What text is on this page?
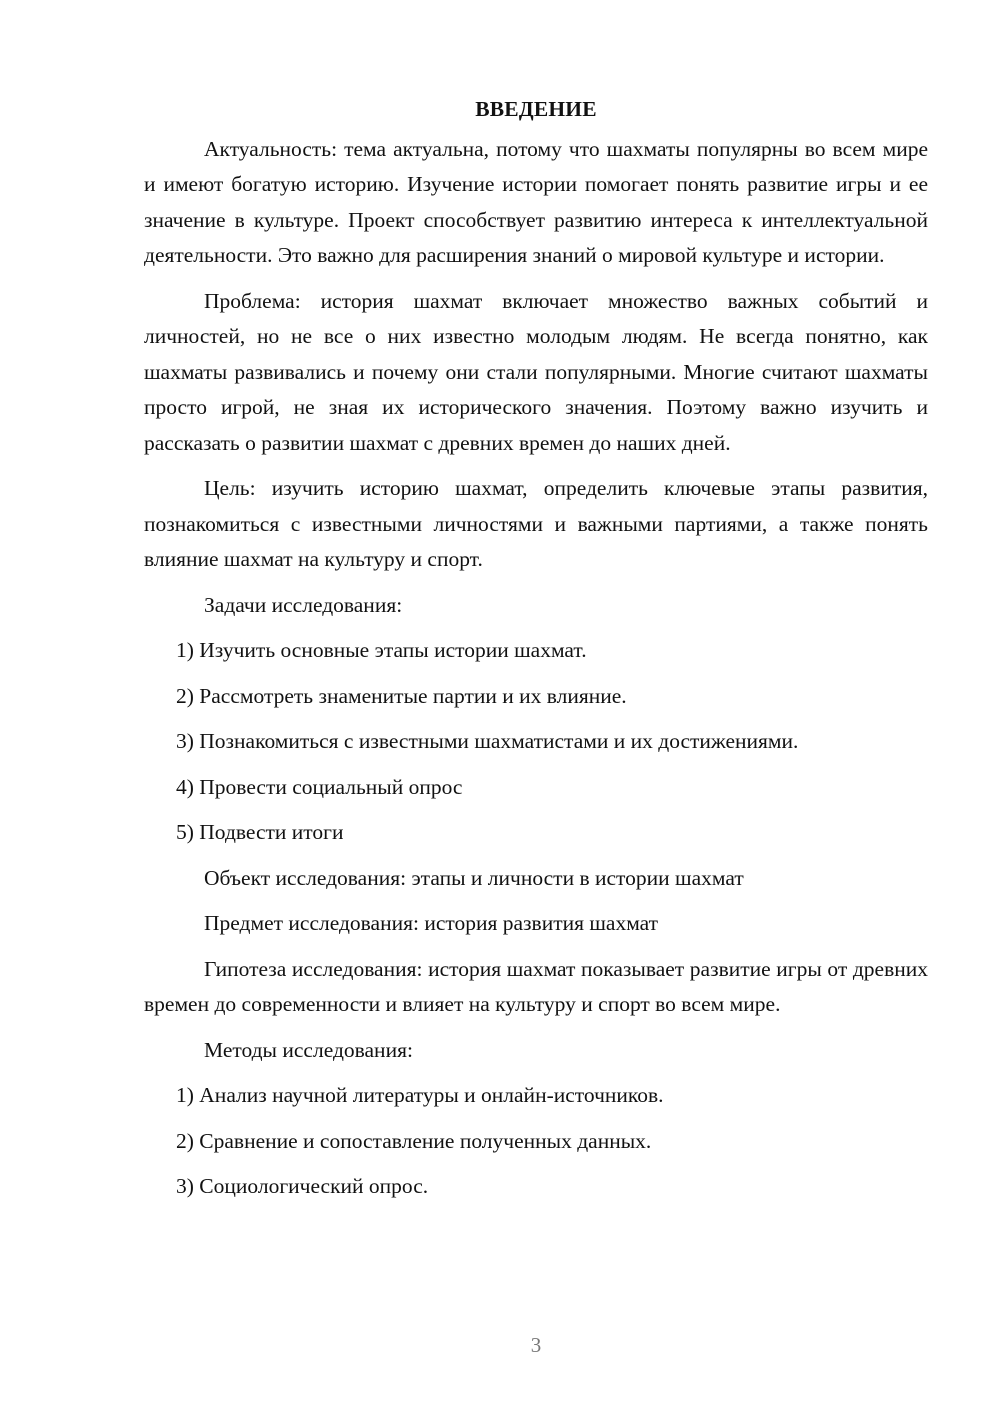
ВВЕДЕНИЕ

Актуальность: тема актуальна, потому что шахматы популярны во всем мире и имеют богатую историю. Изучение истории помогает понять развитие игры и ее значение в культуре. Проект способствует развитию интереса к интеллектуальной деятельности. Это важно для расширения знаний о мировой культуре и истории.

Проблема: история шахмат включает множество важных событий и личностей, но не все о них известно молодым людям. Не всегда понятно, как шахматы развивались и почему они стали популярными. Многие считают шахматы просто игрой, не зная их исторического значения. Поэтому важно изучить и рассказать о развитии шахмат с древних времен до наших дней.

Цель: изучить историю шахмат, определить ключевые этапы развития, познакомиться с известными личностями и важными партиями, а также понять влияние шахмат на культуру и спорт.

Задачи исследования:

1) Изучить основные этапы истории шахмат.
2) Рассмотреть знаменитые партии и их влияние.
3) Познакомиться с известными шахматистами и их достижениями.
4) Провести социальный опрос
5) Подвести итоги

Объект исследования: этапы и личности в истории шахмат

Предмет исследования: история развития шахмат

Гипотеза исследования: история шахмат показывает развитие игры от древних времен до современности и влияет на культуру и спорт во всем мире.

Методы исследования:

1) Анализ научной литературы и онлайн-источников.
2) Сравнение и сопоставление полученных данных.
3) Социологический опрос.
3
